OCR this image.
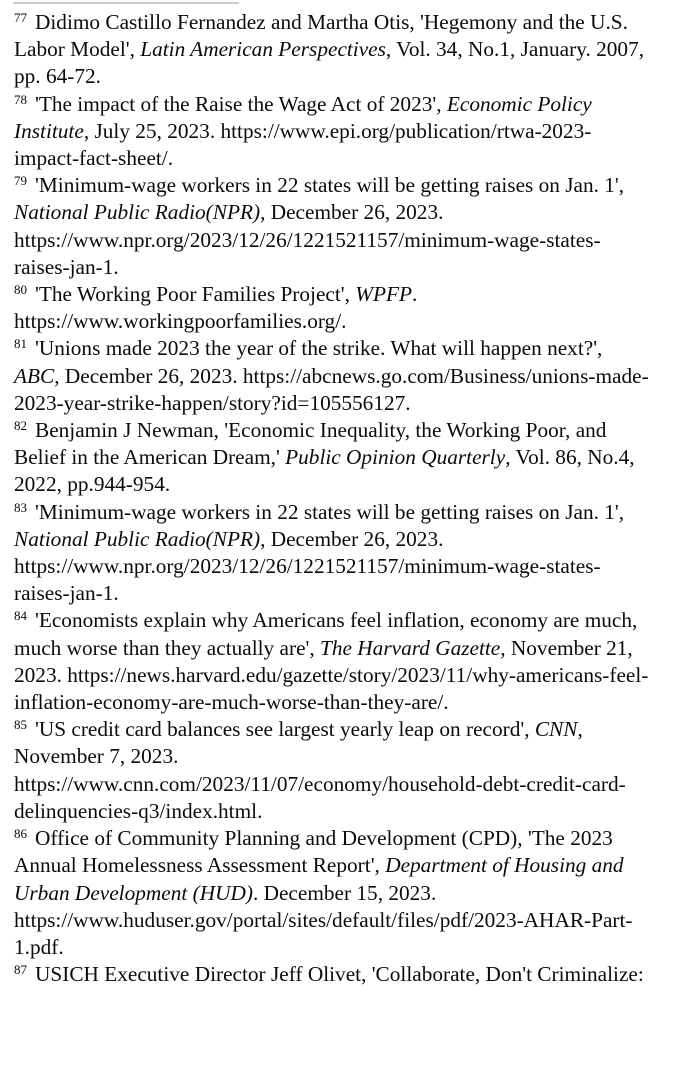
$^{77}$ Didimo Castillo Fernandez and Martha Otis, 'Hegemony and the U.S. Labor Model', Latin American Perspectives, Vol. 34, No.1, January. 2007, pp. 64-72.

$^{78}$ 'The impact of the Raise the Wage Act of 2023', Economic Policy Institute, July 25, 2023. https://www.epi.org/publication/rtwa-2023-impact-fact-sheet/.

$^{79}$ 'Minimum-wage workers in 22 states will be getting raises on Jan. 1', National Public Radio(NPR), December 26, 2023. https://www.npr.org/2023/12/26/1221521157/minimum-wage-states-raises-jan-1.

$^{80}$ 'The Working Poor Families Project', WPFP. https://www.workingpoorfamilies.org/.

$^{81}$ 'Unions made 2023 the year of the strike. What will happen next?', ABC, December 26, 2023. https://abcnews.go.com/Business/unions-made-2023-year-strike-happen/story?id=105556127.

$^{82}$ Benjamin J Newman, 'Economic Inequality, the Working Poor, and Belief in the American Dream,' Public Opinion Quarterly, Vol. 86, No.4, 2022, pp.944-954.

$^{83}$ 'Minimum-wage workers in 22 states will be getting raises on Jan. 1', National Public Radio(NPR), December 26, 2023. https://www.npr.org/2023/12/26/1221521157/minimum-wage-states-raises-jan-1.

$^{84}$ 'Economists explain why Americans feel inflation, economy are much, much worse than they actually are', The Harvard Gazette, November 21, 2023. https://news.harvard.edu/gazette/story/2023/11/why-americans-feel-inflation-economy-are-much-worse-than-they-are/.

$^{85}$ 'US credit card balances see largest yearly leap on record', CNN, November 7, 2023. https://www.cnn.com/2023/11/07/economy/household-debt-credit-card-delinquencies-q3/index.html.

$^{86}$ Office of Community Planning and Development (CPD), 'The 2023 Annual Homelessness Assessment Report', Department of Housing and Urban Development (HUD). December 15, 2023. https://www.huduser.gov/portal/sites/default/files/pdf/2023-AHAR-Part-1.pdf.

$^{87}$ USICH Executive Director Jeff Olivet, 'Collaborate, Don't Criminalize:
